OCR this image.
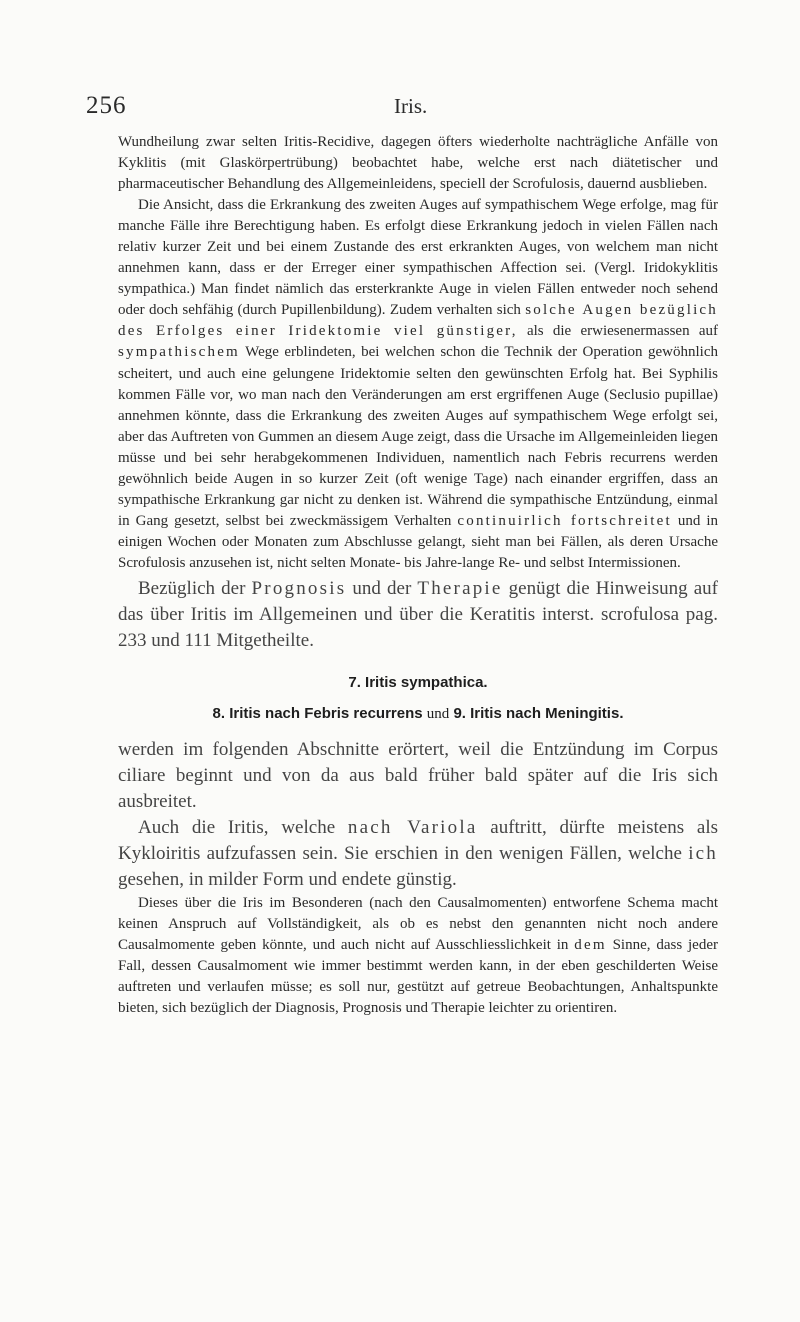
256	Iris.

Wundheilung zwar selten Iritis-Recidive, dagegen öfters wiederholte nachträgliche Anfälle von Kyklitis (mit Glaskörpertrübung) beobachtet habe, welche erst nach diätetischer und pharmaceutischer Behandlung des Allgemeinleidens, speciell der Scrofulosis, dauernd ausblieben.

Die Ansicht, dass die Erkrankung des zweiten Auges auf sympathischem Wege erfolge, mag für manche Fälle ihre Berechtigung haben. Es erfolgt diese Erkrankung jedoch in vielen Fällen nach relativ kurzer Zeit und bei einem Zustande des erst erkrankten Auges, von welchem man nicht annehmen kann, dass er der Erreger einer sympathischen Affection sei. (Vergl. Iridokyklitis sympathica.) Man findet nämlich das ersterkrankte Auge in vielen Fällen entweder noch sehend oder doch sehfähig (durch Pupillenbildung). Zudem verhalten sich solche Augen bezüglich des Erfolges einer Iridektomie viel günstiger, als die erwiesenermassen auf sympathischem Wege erblindeten, bei welchen schon die Technik der Operation gewöhnlich scheitert, und auch eine gelungene Iridektomie selten den gewünschten Erfolg hat. Bei Syphilis kommen Fälle vor, wo man nach den Veränderungen am erst ergriffenen Auge (Seclusio pupillae) annehmen könnte, dass die Erkrankung des zweiten Auges auf sympathischem Wege erfolgt sei, aber das Auftreten von Gummen an diesem Auge zeigt, dass die Ursache im Allgemeinleiden liegen müsse und bei sehr herabgekommenen Individuen, namentlich nach Febris recurrens werden gewöhnlich beide Augen in so kurzer Zeit (oft wenige Tage) nach einander ergriffen, dass an sympathische Erkrankung gar nicht zu denken ist. Während die sympathische Entzündung, einmal in Gang gesetzt, selbst bei zweckmässigem Verhalten continuirlich fortschreitet und in einigen Wochen oder Monaten zum Abschlusse gelangt, sieht man bei Fällen, als deren Ursache Scrofulosis anzusehen ist, nicht selten Monate- bis Jahre-lange Re- und selbst Intermissionen.

Bezüglich der Prognosis und der Therapie genügt die Hinweisung auf das über Iritis im Allgemeinen und über die Keratitis interst. scrofulosa pag. 233 und 111 Mitgetheilte.

7. Iritis sympathica.
8. Iritis nach Febris recurrens und 9. Iritis nach Meningitis.

werden im folgenden Abschnitte erörtert, weil die Entzündung im Corpus ciliare beginnt und von da aus bald früher bald später auf die Iris sich ausbreitet.

Auch die Iritis, welche nach Variola auftritt, dürfte meistens als Kykloiritis aufzufassen sein. Sie erschien in den wenigen Fällen, welche ich gesehen, in milder Form und endete günstig.

Dieses über die Iris im Besonderen (nach den Causalmomenten) entworfene Schema macht keinen Anspruch auf Vollständigkeit, als ob es nebst den genannten nicht noch andere Causalmomente geben könnte, und auch nicht auf Ausschliesslichkeit in dem Sinne, dass jeder Fall, dessen Causalmoment wie immer bestimmt werden kann, in der eben geschilderten Weise auftreten und verlaufen müsse; es soll nur, gestützt auf getreue Beobachtungen, Anhaltspunkte bieten, sich bezüglich der Diagnosis, Prognosis und Therapie leichter zu orientiren.
